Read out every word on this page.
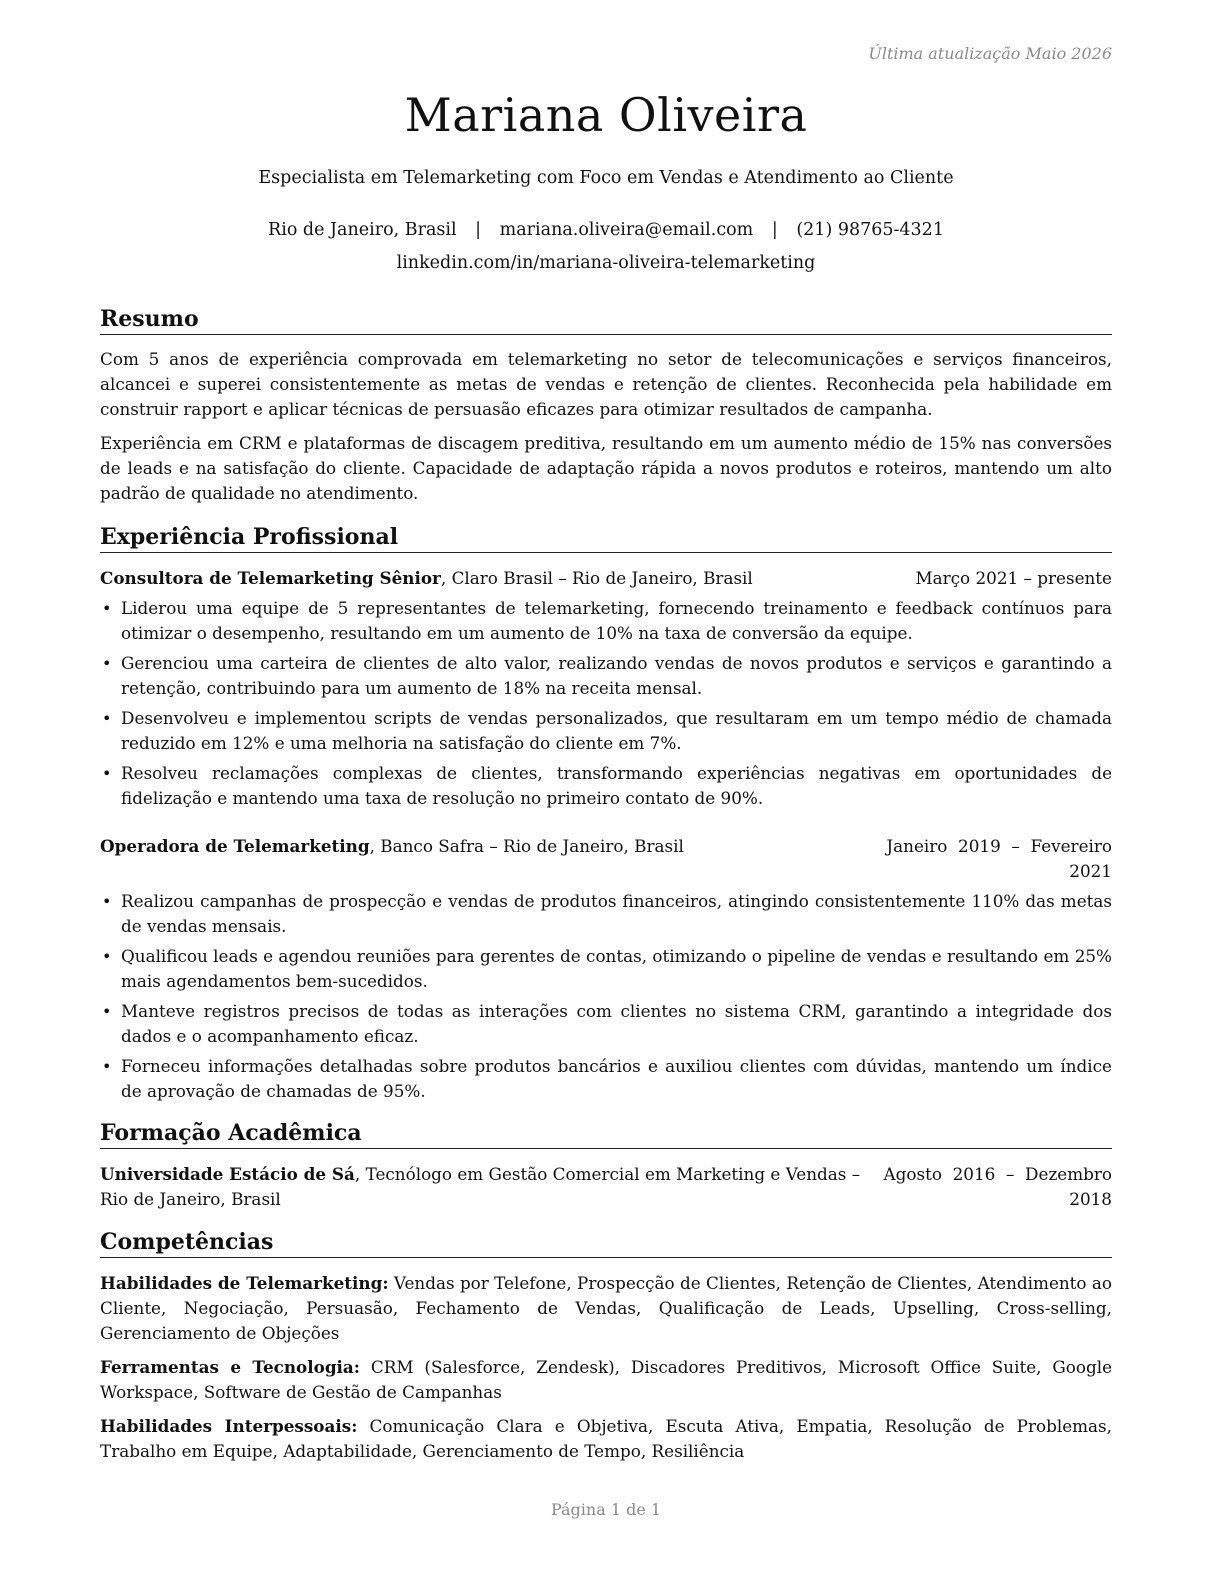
Última atualização Maio 2026
Mariana Oliveira
Especialista em Telemarketing com Foco em Vendas e Atendimento ao Cliente
Rio de Janeiro, Brasil | mariana.oliveira@email.com | (21) 98765-4321
linkedin.com/in/mariana-oliveira-telemarketing
Resumo
Com 5 anos de experiência comprovada em telemarketing no setor de telecomunicações e serviços financeiros, alcancei e superei consistentemente as metas de vendas e retenção de clientes. Reconhecida pela habilidade em construir rapport e aplicar técnicas de persuasão eficazes para otimizar resultados de campanha.
Experiência em CRM e plataformas de discagem preditiva, resultando em um aumento médio de 15% nas conversões de leads e na satisfação do cliente. Capacidade de adaptação rápida a novos produtos e roteiros, mantendo um alto padrão de qualidade no atendimento.
Experiência Profissional
Consultora de Telemarketing Sênior, Claro Brasil – Rio de Janeiro, Brasil	Março 2021 – presente
• Liderou uma equipe de 5 representantes de telemarketing, fornecendo treinamento e feedback contínuos para otimizar o desempenho, resultando em um aumento de 10% na taxa de conversão da equipe.
• Gerenciou uma carteira de clientes de alto valor, realizando vendas de novos produtos e serviços e garantindo a retenção, contribuindo para um aumento de 18% na receita mensal.
• Desenvolveu e implementou scripts de vendas personalizados, que resultaram em um tempo médio de chamada reduzido em 12% e uma melhoria na satisfação do cliente em 7%.
• Resolveu reclamações complexas de clientes, transformando experiências negativas em oportunidades de fidelização e mantendo uma taxa de resolução no primeiro contato de 90%.
Operadora de Telemarketing, Banco Safra – Rio de Janeiro, Brasil	Janeiro  2019  –  Fevereiro
2021
• Realizou campanhas de prospecção e vendas de produtos financeiros, atingindo consistentemente 110% das metas de vendas mensais.
• Qualificou leads e agendou reuniões para gerentes de contas, otimizando o pipeline de vendas e resultando em 25% mais agendamentos bem-sucedidos.
• Manteve registros precisos de todas as interações com clientes no sistema CRM, garantindo a integridade dos dados e o acompanhamento eficaz.
• Forneceu informações detalhadas sobre produtos bancários e auxiliou clientes com dúvidas, mantendo um índice de aprovação de chamadas de 95%.
Formação Acadêmica
Universidade Estácio de Sá, Tecnólogo em Gestão Comercial em Marketing e Vendas –
Rio de Janeiro, Brasil
Agosto  2016  –  Dezembro
2018
Competências
Habilidades de Telemarketing: Vendas por Telefone, Prospecção de Clientes, Retenção de Clientes, Atendimento ao Cliente, Negociação, Persuasão, Fechamento de Vendas, Qualificação de Leads, Upselling, Cross-selling, Gerenciamento de Objeções
Ferramentas e Tecnologia: CRM (Salesforce, Zendesk), Discadores Preditivos, Microsoft Office Suite, Google Workspace, Software de Gestão de Campanhas
Habilidades Interpessoais: Comunicação Clara e Objetiva, Escuta Ativa, Empatia, Resolução de Problemas, Trabalho em Equipe, Adaptabilidade, Gerenciamento de Tempo, Resiliência
Página 1 de 1
